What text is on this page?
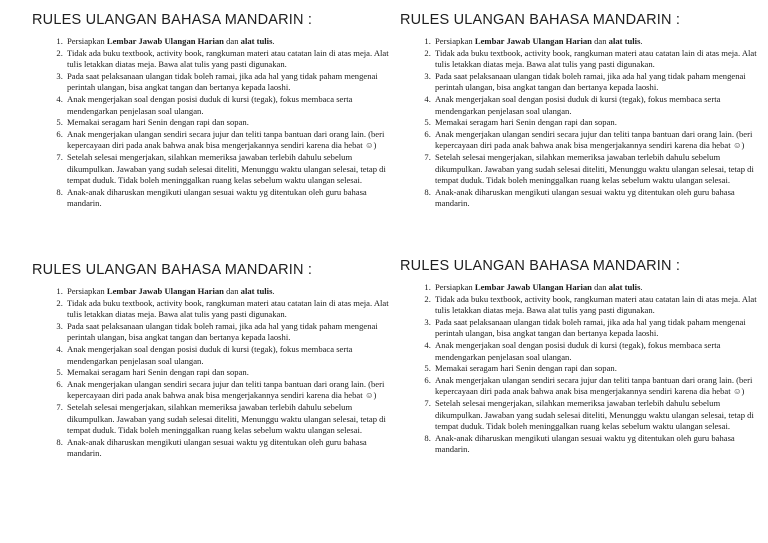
RULES ULANGAN BAHASA MANDARIN :
1. Persiapkan Lembar Jawab Ulangan Harian dan alat tulis.
2. Tidak ada buku textbook, activity book, rangkuman materi atau catatan lain di atas meja. Alat tulis letakkan diatas meja. Bawa alat tulis yang pasti digunakan.
3. Pada saat pelaksanaan ulangan tidak boleh ramai, jika ada hal yang tidak paham mengenai perintah ulangan, bisa angkat tangan dan bertanya kepada laoshi.
4. Anak mengerjakan soal dengan posisi duduk di kursi (tegak), fokus membaca serta mendengarkan penjelasan soal ulangan.
5. Memakai seragam hari Senin dengan rapi dan sopan.
6. Anak mengerjakan ulangan sendiri secara jujur dan teliti tanpa bantuan dari orang lain. (beri kepercayaan diri pada anak bahwa anak bisa mengerjakannya sendiri karena dia hebat ☺)
7. Setelah selesai mengerjakan, silahkan memeriksa jawaban terlebih dahulu sebelum dikumpulkan. Jawaban yang sudah selesai diteliti, Menunggu waktu ulangan selesai, tetap di tempat duduk. Tidak boleh meninggalkan ruang kelas sebelum waktu ulangan selesai.
8. Anak-anak diharuskan mengikuti ulangan sesuai waktu yg ditentukan oleh guru bahasa mandarin.
RULES ULANGAN BAHASA MANDARIN :
1. Persiapkan Lembar Jawab Ulangan Harian dan alat tulis.
2. Tidak ada buku textbook, activity book, rangkuman materi atau catatan lain di atas meja. Alat tulis letakkan diatas meja. Bawa alat tulis yang pasti digunakan.
3. Pada saat pelaksanaan ulangan tidak boleh ramai, jika ada hal yang tidak paham mengenai perintah ulangan, bisa angkat tangan dan bertanya kepada laoshi.
4. Anak mengerjakan soal dengan posisi duduk di kursi (tegak), fokus membaca serta mendengarkan penjelasan soal ulangan.
5. Memakai seragam hari Senin dengan rapi dan sopan.
6. Anak mengerjakan ulangan sendiri secara jujur dan teliti tanpa bantuan dari orang lain. (beri kepercayaan diri pada anak bahwa anak bisa mengerjakannya sendiri karena dia hebat ☺)
7. Setelah selesai mengerjakan, silahkan memeriksa jawaban terlebih dahulu sebelum dikumpulkan. Jawaban yang sudah selesai diteliti, Menunggu waktu ulangan selesai, tetap di tempat duduk. Tidak boleh meninggalkan ruang kelas sebelum waktu ulangan selesai.
8. Anak-anak diharuskan mengikuti ulangan sesuai waktu yg ditentukan oleh guru bahasa mandarin.
RULES ULANGAN BAHASA MANDARIN :
1. Persiapkan Lembar Jawab Ulangan Harian dan alat tulis.
2. Tidak ada buku textbook, activity book, rangkuman materi atau catatan lain di atas meja. Alat tulis letakkan diatas meja. Bawa alat tulis yang pasti digunakan.
3. Pada saat pelaksanaan ulangan tidak boleh ramai, jika ada hal yang tidak paham mengenai perintah ulangan, bisa angkat tangan dan bertanya kepada laoshi.
4. Anak mengerjakan soal dengan posisi duduk di kursi (tegak), fokus membaca serta mendengarkan penjelasan soal ulangan.
5. Memakai seragam hari Senin dengan rapi dan sopan.
6. Anak mengerjakan ulangan sendiri secara jujur dan teliti tanpa bantuan dari orang lain. (beri kepercayaan diri pada anak bahwa anak bisa mengerjakannya sendiri karena dia hebat ☺)
7. Setelah selesai mengerjakan, silahkan memeriksa jawaban terlebih dahulu sebelum dikumpulkan. Jawaban yang sudah selesai diteliti, Menunggu waktu ulangan selesai, tetap di tempat duduk. Tidak boleh meninggalkan ruang kelas sebelum waktu ulangan selesai.
8. Anak-anak diharuskan mengikuti ulangan sesuai waktu yg ditentukan oleh guru bahasa mandarin.
RULES ULANGAN BAHASA MANDARIN :
1. Persiapkan Lembar Jawab Ulangan Harian dan alat tulis.
2. Tidak ada buku textbook, activity book, rangkuman materi atau catatan lain di atas meja. Alat tulis letakkan diatas meja. Bawa alat tulis yang pasti digunakan.
3. Pada saat pelaksanaan ulangan tidak boleh ramai, jika ada hal yang tidak paham mengenai perintah ulangan, bisa angkat tangan dan bertanya kepada laoshi.
4. Anak mengerjakan soal dengan posisi duduk di kursi (tegak), fokus membaca serta mendengarkan penjelasan soal ulangan.
5. Memakai seragam hari Senin dengan rapi dan sopan.
6. Anak mengerjakan ulangan sendiri secara jujur dan teliti tanpa bantuan dari orang lain. (beri kepercayaan diri pada anak bahwa anak bisa mengerjakannya sendiri karena dia hebat ☺)
7. Setelah selesai mengerjakan, silahkan memeriksa jawaban terlebih dahulu sebelum dikumpulkan. Jawaban yang sudah selesai diteliti, Menunggu waktu ulangan selesai, tetap di tempat duduk. Tidak boleh meninggalkan ruang kelas sebelum waktu ulangan selesai.
8. Anak-anak diharuskan mengikuti ulangan sesuai waktu yg ditentukan oleh guru bahasa mandarin.
